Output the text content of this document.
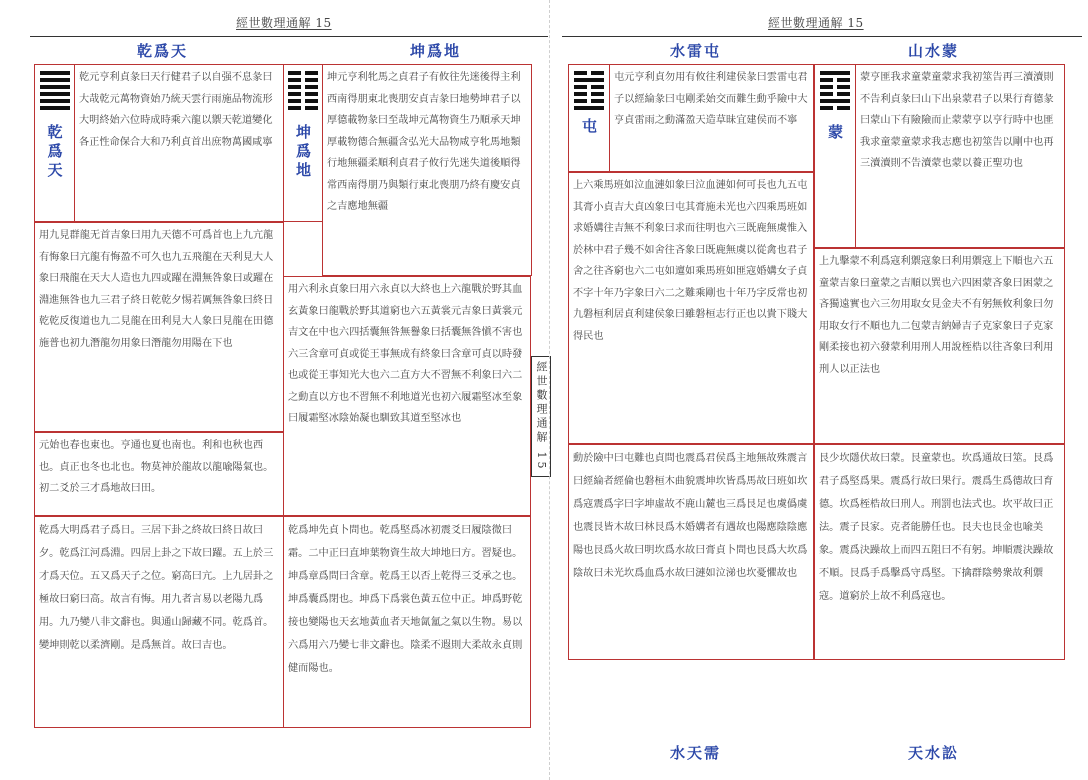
經世數理通解 15
乾爲天	坤爲地
乾爲天
乾元亨利貞彖曰天行健君子以自强不息彖曰大哉乾元萬物資始乃統天雲行雨施品物流形大明終始六位時成時乘六龍以禦天乾道變化各正性命保合大和乃利貞首出庶物萬國咸寧	坤爲地
坤元亨利牝馬之貞君子有攸往先迷後得主利西南得朋東北喪朋安貞吉彖曰地勢坤君子以厚德載物彖曰至哉坤元萬物資生乃順承天坤厚載物德合無疆含弘光大品物咸亨牝馬地類行地無疆柔順利貞君子攸行先迷失道後順得常西南得朋乃與類行東北喪朋乃終有慶安貞之吉應地無疆
用九見群龍无首吉象曰用九天德不可爲首也上九亢龍有悔象曰亢龍有悔盈不可久也九五飛龍在天利見大人象曰飛龍在天大人造也九四或躍在淵無咎象曰或躍在淵進無咎也九三君子終日乾乾夕惕若厲無咎象曰終日乾乾反復道也九二見龍在田利見大人象曰見龍在田德施普也初九潛龍勿用象曰潛龍勿用陽在下也
用六利永貞象曰用六永貞以大終也上六龍戰於野其血玄黃象曰龍戰於野其道窮也六五黃裳元吉象曰黃裳元吉文在中也六四括囊無咎無譽象曰括囊無咎愼不害也六三含章可貞或從王事無成有終象曰含章可貞以時發也或從王事知光大也六二直方大不習無不利象曰六二之動直以方也不習無不利地道光也初六履霜堅冰至象曰履霜堅冰陰始凝也馴致其道至堅冰也
元始也春也東也。亨通也夏也南也。利和也秋也西也。貞正也冬也北也。物莫神於龍故以龍喩陽氣也。初二爻於三才爲地故曰田。
乾爲大明爲君子爲日。三居下卦之終故曰終日故曰夕。乾爲江河爲淵。四居上卦之下故曰躍。五上於三才爲天位。五又爲天子之位。窮高曰亢。上九居卦之極故曰窮曰高。故言有悔。用九者言易以老陽九爲用。九乃變八非文辭也。與通山歸藏不同。乾爲首。變坤則乾以柔濟剛。是爲無首。故曰吉也。
乾爲坤先貞卜問也。乾爲堅爲冰初震爻曰履陰微曰霜。二中正曰直坤葉物資生故大坤地曰方。習疑也。坤爲章爲問曰含章。乾爲王以否上乾得三爻承之也。坤爲囊爲閉也。坤爲下爲裳色黃五位中正。坤爲野乾接也變陽也天玄地黃血者天地氤氳之氣以生物。易以六爲用六乃變七非文辭也。陰柔不遐則大柔故永貞則健而陽也。
經世數理通解 15
經世數理通解 15
水雷屯	山水蒙
屯
屯元亨利貞勿用有攸往利建侯彖曰雲雷屯君子以經綸彖曰屯剛柔始交而難生動乎險中大亨貞雷雨之動滿盈天造草昧宜建侯而不寧
蒙
蒙亨匪我求童蒙童蒙求我初筮告再三瀆瀆則不告利貞彖曰山下出泉蒙君子以果行育德彖曰蒙山下有險險而止蒙蒙亨以亨行時中也匪我求童蒙童蒙求我志應也初筮告以剛中也再三瀆瀆則不告瀆蒙也蒙以養正聖功也
上六乘馬班如泣血漣如象曰泣血漣如何可長也九五屯其膏小貞吉大貞凶象曰屯其膏施未光也六四乘馬班如求婚媾往吉無不利象曰求而往明也六三既鹿無虞惟入於林中君子幾不如舍往吝象曰既鹿無虞以從禽也君子舍之往吝窮也六二屯如邅如乘馬班如匪寇婚媾女子貞不字十年乃字象曰六二之難乘剛也十年乃字反常也初九磐桓利居貞利建侯象曰雖磐桓志行正也以貴下賤大得民也
上九擊蒙不利爲寇利禦寇象曰利用禦寇上下順也六五童蒙吉象曰童蒙之吉順以巽也六四困蒙吝象曰困蒙之吝獨遠實也六三勿用取女見金夫不有躬無攸利象曰勿用取女行不順也九二包蒙吉納婦吉子克家象曰子克家剛柔接也初六發蒙利用刑人用說桎梏以往吝象曰利用刑人以正法也
動於險中曰屯難也貞問也震爲君侯爲主地無故殊震言曰經綸者經倫也磐桓木曲貌震坤坎皆爲馬故曰班如坎爲寇震爲字曰字坤虛故不鹿山麓也三爲艮足也虞僞虞也震艮皆木故曰林艮爲木婚媾者有遇故也陽應陰陰應陽也艮爲火故曰明坎爲水故曰膏貞卜問也艮爲大坎爲陰故曰未光坎爲血爲水故曰漣如泣涕也坎憂懼故也
艮少坎隱伏故曰蒙。艮童蒙也。坎爲通故曰筮。艮爲君子爲堅爲果。震爲行故曰果行。震爲生爲德故曰育德。坎爲桎梏故曰刑人。刑罰也法式也。坎平故曰正法。震子艮家。克者能勝任也。艮夫也艮金也喩美象。震爲決躁故上而四五阻曰不有躬。坤順震決躁故不順。艮爲手爲擊爲守爲堅。下擒群陰勢衆故利禦寇。道窮於上故不利爲寇也。
水天需	天水訟
